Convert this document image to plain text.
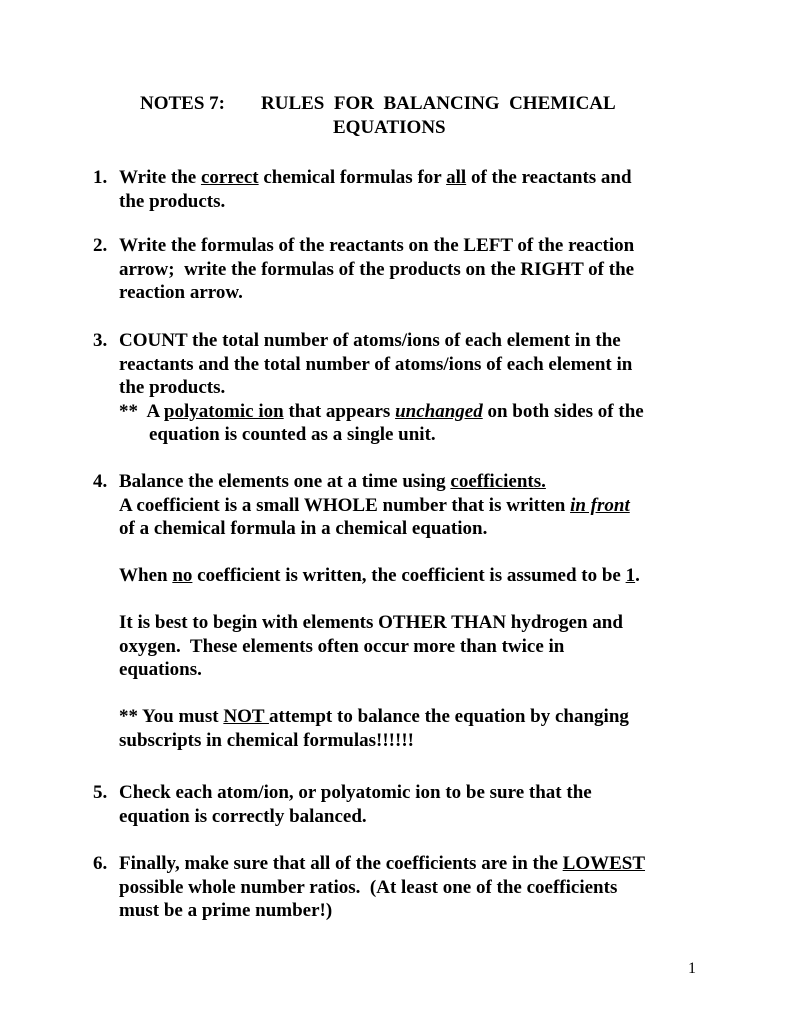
NOTES 7: RULES  FOR  BALANCING  CHEMICAL
EQUATIONS
1. Write the correct chemical formulas for all of the reactants and
the products.
2. Write the formulas of the reactants on the LEFT of the reaction
arrow;  write the formulas of the products on the RIGHT of the
reaction arrow.
3. COUNT the total number of atoms/ions of each element in the
reactants and the total number of atoms/ions of each element in
the products.
**  A polyatomic ion that appears unchanged on both sides of the
equation is counted as a single unit.
4. Balance the elements one at a time using coefficients.
A coefficient is a small WHOLE number that is written in front
of a chemical formula in a chemical equation.
When no coefficient is written, the coefficient is assumed to be 1.
It is best to begin with elements OTHER THAN hydrogen and
oxygen.  These elements often occur more than twice in
equations.
** You must NOT attempt to balance the equation by changing
subscripts in chemical formulas!!!!!!
5. Check each atom/ion, or polyatomic ion to be sure that the
equation is correctly balanced.
6. Finally, make sure that all of the coefficients are in the LOWEST
possible whole number ratios.  (At least one of the coefficients
must be a prime number!)
1
